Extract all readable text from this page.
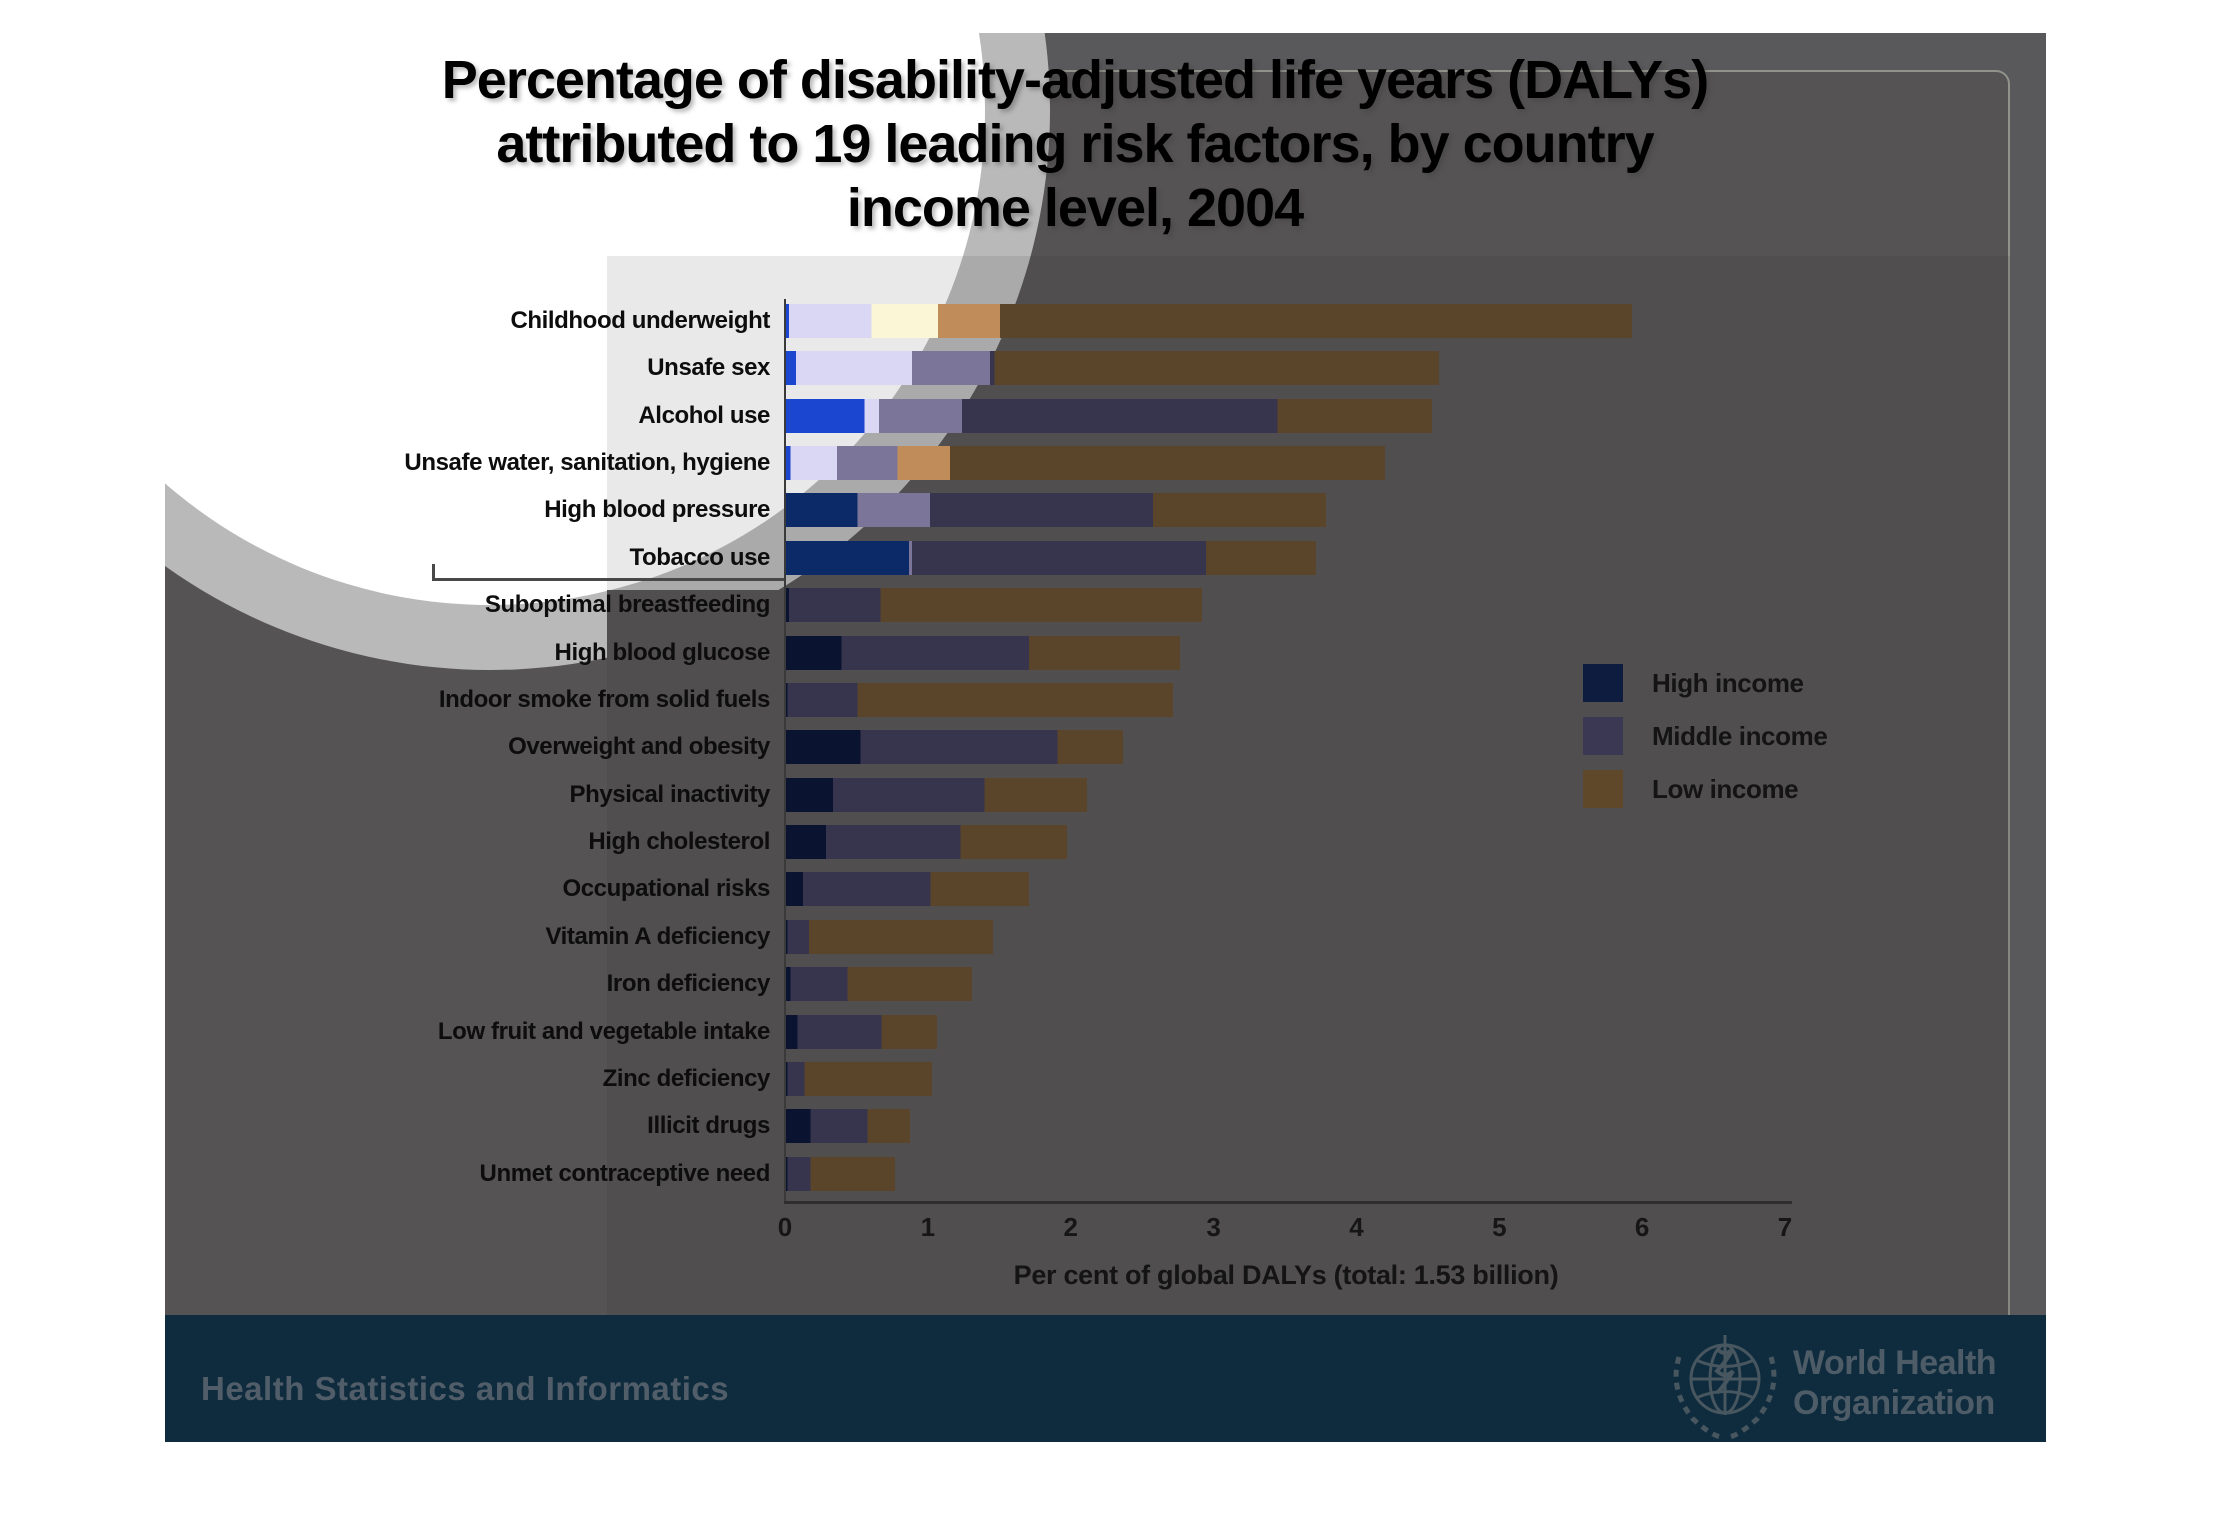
Percentage of disability-adjusted life years (DALYs)
attributed to 19 leading risk factors, by country
income level, 2004
Childhood underweight
Unsafe sex
Alcohol use
Unsafe water, sanitation, hygiene
High blood pressure
Tobacco use
Suboptimal breastfeeding
High blood glucose
Indoor smoke from solid fuels
Overweight and obesity
Physical inactivity
High cholesterol
Occupational risks
Vitamin A deficiency
Iron deficiency
Low fruit and vegetable intake
Zinc deficiency
Illicit drugs
Unmet contraceptive need
0	1	2	3	4	5	6	7
Per cent of global DALYs (total: 1.53 billion)
High income
Middle income
Low income
Health Statistics and Informatics
World Health
Organization
